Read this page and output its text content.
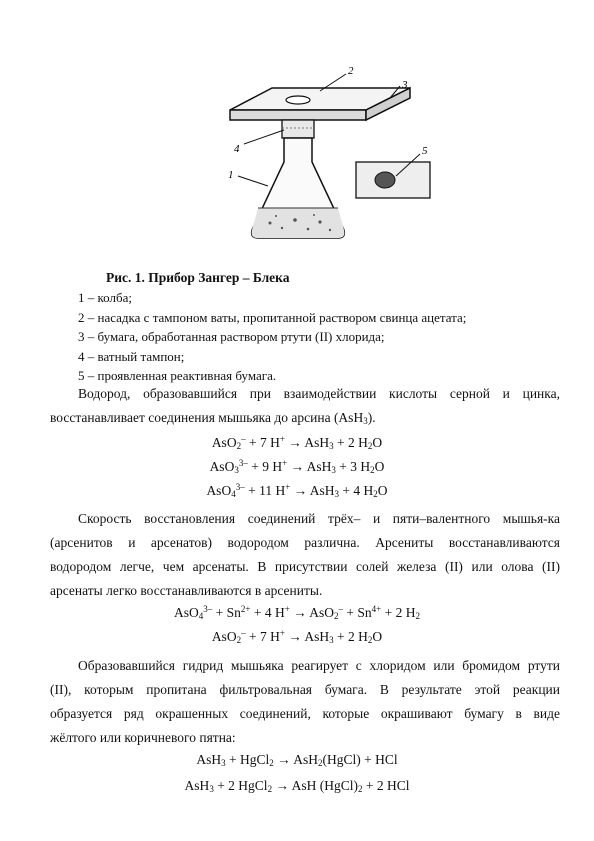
2
3
4
1
5
Рис. 1. Прибор Зангер – Блека
1 – колба;
2 – насадка с тампоном ваты, пропитанной раствором свинца ацетата;
3 – бумага, обработанная раствором ртути (II) хлорида;
4 – ватный тампон;
5 – проявленная реактивная бумага.
Водород, образовавшийся при взаимодействии кислоты серной и цинка,
восстанавливает соединения мышьяка до арсина (AsH$_3$).
AsO$_2$– + 7 H+ → AsH$_3$ + 2 $H_2O$
AsO$_3^{3-}$ + 9 H+ → AsH$_3$ + 3 $H_2O$
AsO$_4^{3-}$ + 11 H+ → AsH$_3$ + 4 $H_2O$
Скорость восстановления соединений трёх– и пяти–валентного мышья-ка
(арсенитов и арсенатов) водородом различна. Арсениты восстанавливаются
водородом легче, чем арсенаты. В присутствии солей железа (II) или олова (II)
арсенаты легко восстанавливаются в арсениты.
$AsO_4^{3-} + Sn^{2+} + 4$ $H^+ \to AsO_2^- + Sn^{4+} + 2$ $H_2$
AsO$_2$– + 7 H+ → AsH$_3$ + 2 $H_2O$
Образовавшийся гидрид мышьяка реагирует с хлоридом или бромидом ртути
(II), которым пропитана фильтровальная бумага. В результате этой реакции
образуется ряд окрашенных соединений, которые окрашивают бумагу в виде
жёлтого или коричневого пятна:
AsH$_3$ + HgCl$_2$ → AsH$_2$(HgCl) + HCl
AsH$_3$ + 2 HgCl$_2$ → AsH $(HgCl)_2 + 2$ HCl
